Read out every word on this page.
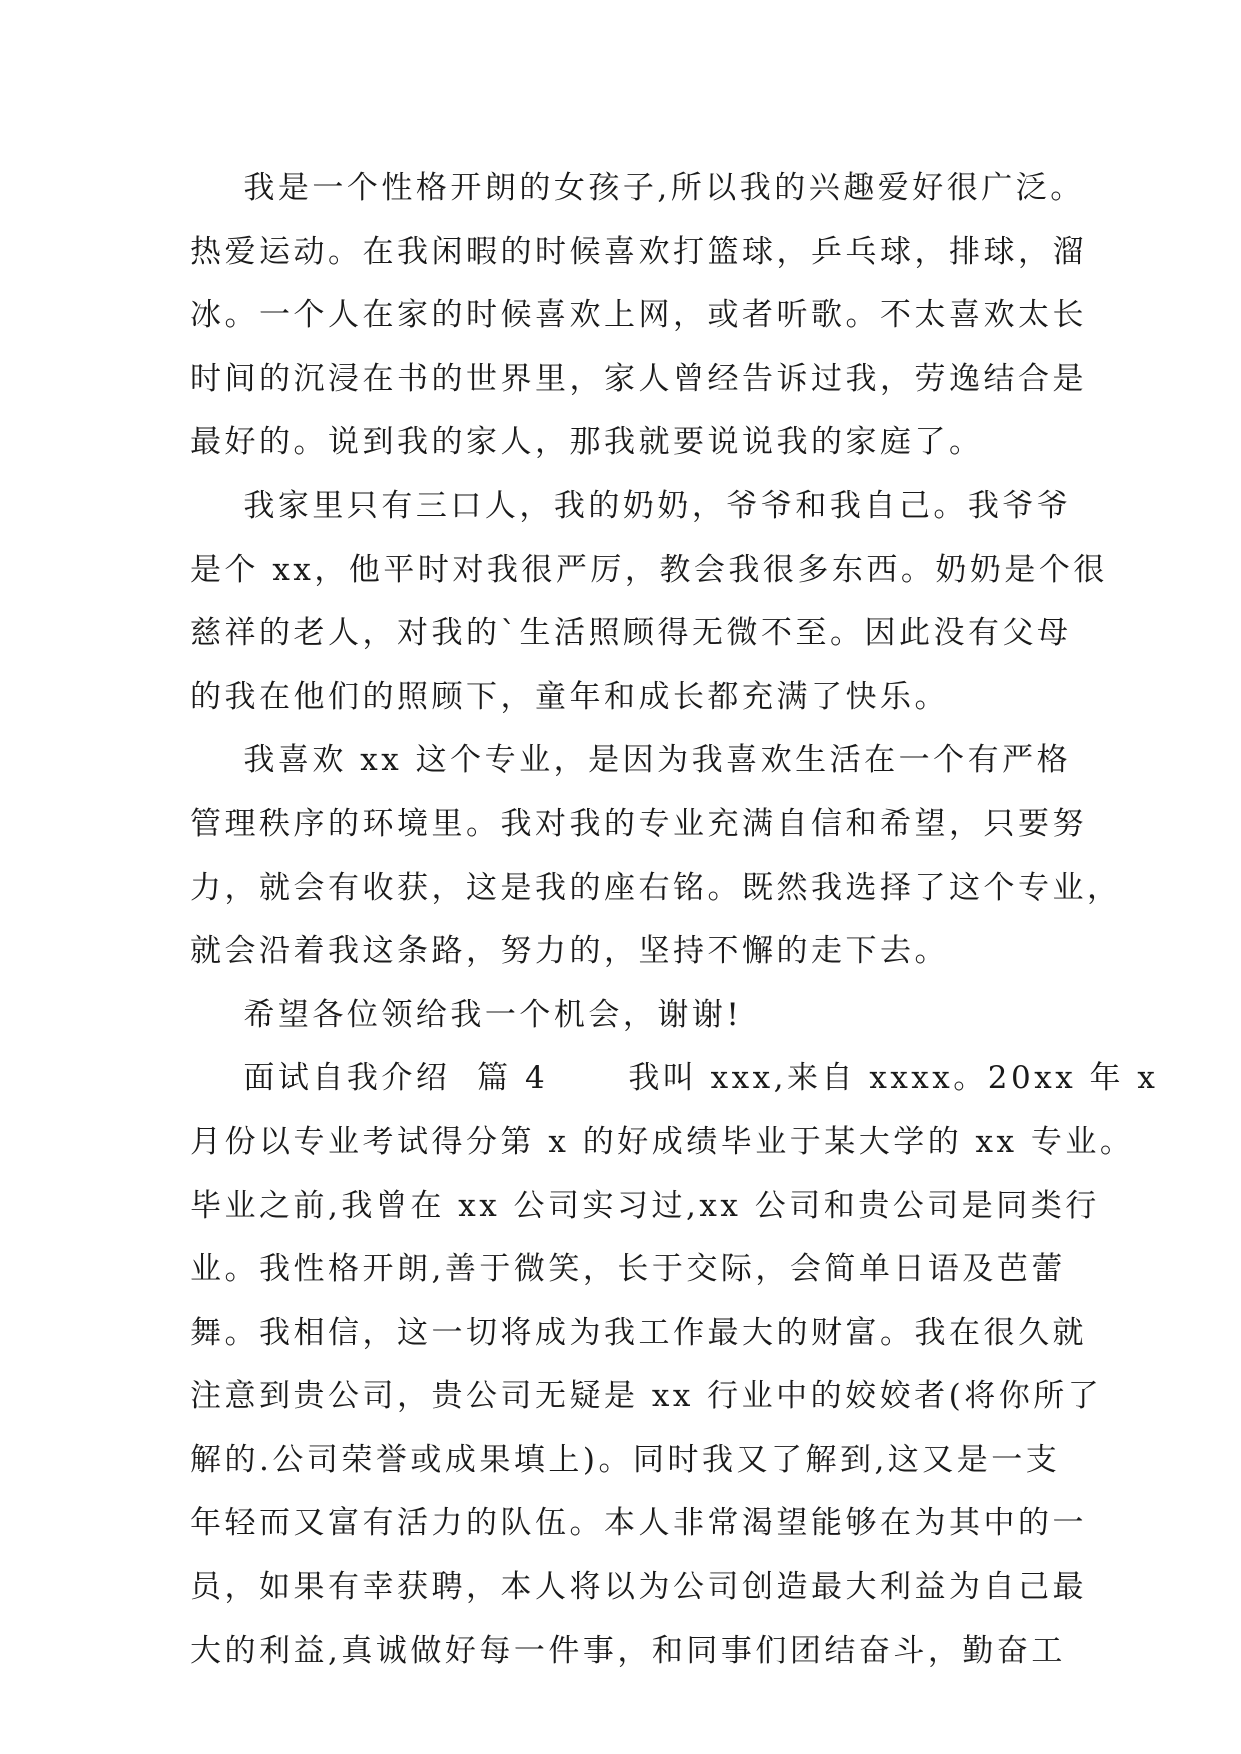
我是一个性格开朗的女孩子,所以我的兴趣爱好很广泛。
热爱运动。在我闲暇的时候喜欢打篮球，乒乓球，排球，溜
冰。一个人在家的时候喜欢上网，或者听歌。不太喜欢太长
时间的沉浸在书的世界里，家人曾经告诉过我，劳逸结合是
最好的。说到我的家人，那我就要说说我的家庭了。
我家里只有三口人，我的奶奶，爷爷和我自己。我爷爷
是个 xx，他平时对我很严厉，教会我很多东西。奶奶是个很
慈祥的老人，对我的`生活照顾得无微不至。因此没有父母
的我在他们的照顾下，童年和成长都充满了快乐。
我喜欢 xx 这个专业，是因为我喜欢生活在一个有严格
管理秩序的环境里。我对我的专业充满自信和希望，只要努
力，就会有收获，这是我的座右铭。既然我选择了这个专业，
就会沿着我这条路，努力的，坚持不懈的走下去。
希望各位领给我一个机会，谢谢!
面试自我介绍  篇 4      我叫 xxx,来自 xxxx。20xx 年 x
月份以专业考试得分第 x 的好成绩毕业于某大学的 xx 专业。
毕业之前,我曾在 xx 公司实习过,xx 公司和贵公司是同类行
业。我性格开朗,善于微笑，长于交际，会简单日语及芭蕾
舞。我相信，这一切将成为我工作最大的财富。我在很久就
注意到贵公司，贵公司无疑是 xx 行业中的姣姣者(将你所了
解的.公司荣誉或成果填上)。同时我又了解到,这又是一支
年轻而又富有活力的队伍。本人非常渴望能够在为其中的一
员，如果有幸获聘，本人将以为公司创造最大利益为自己最
大的利益,真诚做好每一件事，和同事们团结奋斗，勤奋工
